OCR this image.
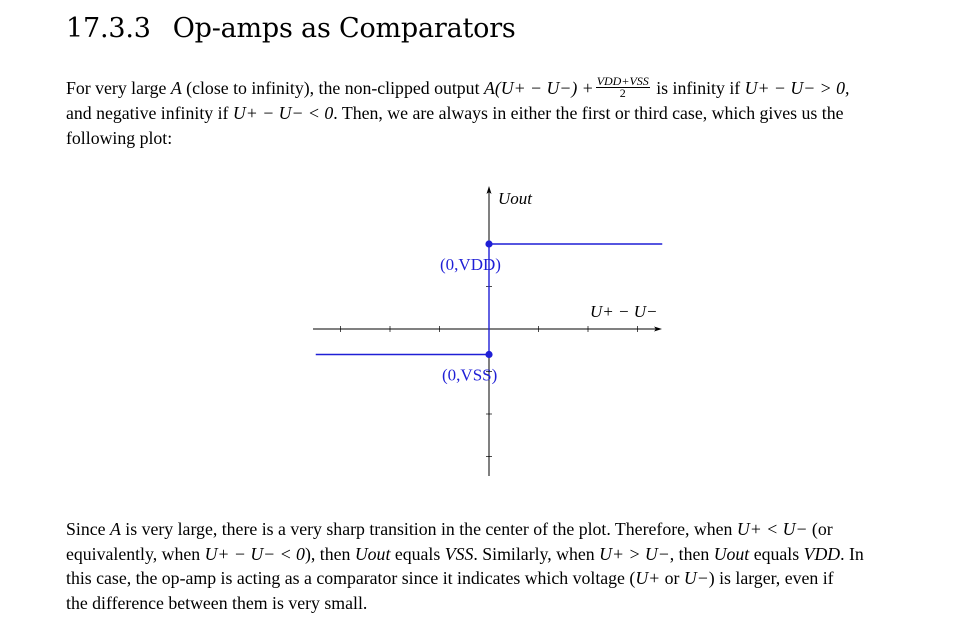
17.3.3 Op-amps as Comparators
For very large A (close to infinity), the non-clipped output $A(U+ - U-) + \frac{\text{VDD+VSS}}{2}$ is infinity if U+ − U− > 0,
and negative infinity if U+ − U− < 0. Then, we are always in either the first or third case, which gives us the
following plot:
(0,VDD)
(0,VSS)
Uout
U+ − U−
Since A is very large, there is a very sharp transition in the center of the plot. Therefore, when U+ < U− (or
equivalently, when U+ − U− < 0), then Uout equals VSS. Similarly, when U+ > U−, then Uout equals VDD. In
this case, the op-amp is acting as a comparator since it indicates which voltage (U+ or U−) is larger, even if
the difference between them is very small.
